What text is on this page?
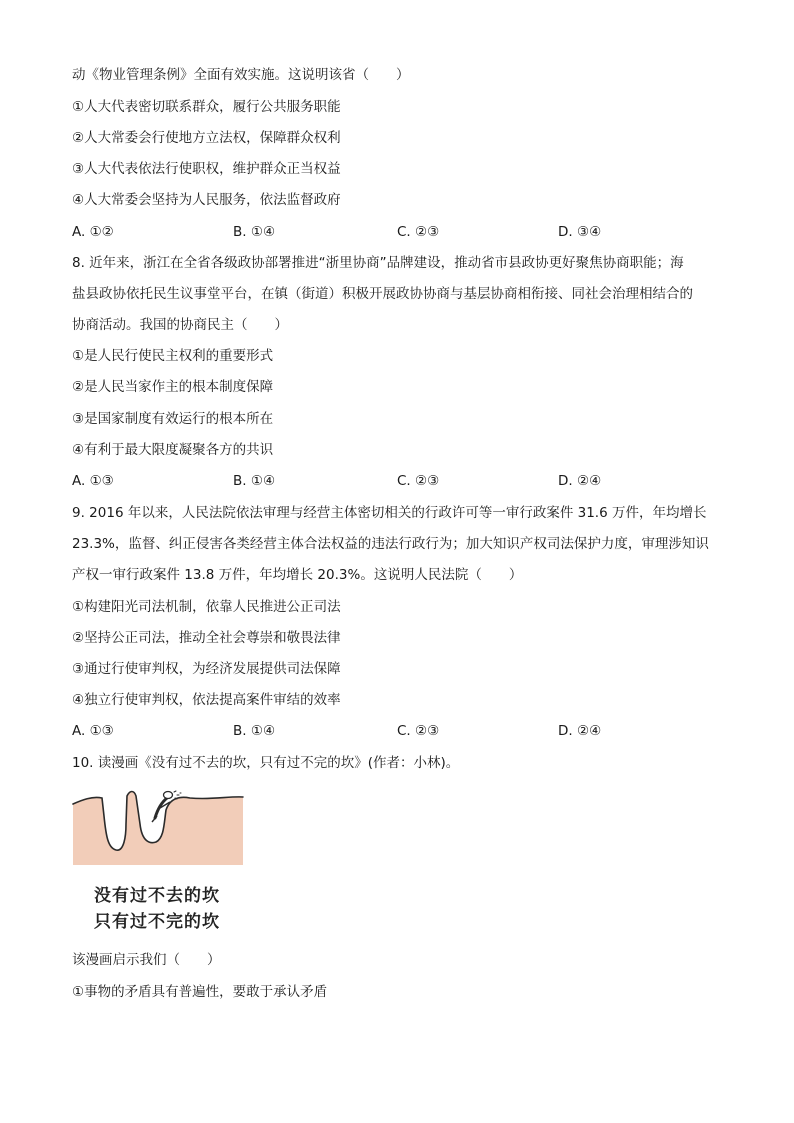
动《物业管理条例》全面有效实施。这说明该省（　　）
①人大代表密切联系群众，履行公共服务职能
②人大常委会行使地方立法权，保障群众权利
③人大代表依法行使职权，维护群众正当权益
④人大常委会坚持为人民服务，依法监督政府
A. ①②	B. ①④	C. ②③	D. ③④
8. 近年来，浙江在全省各级政协部署推进“浙里协商”品牌建设，推动省市县政协更好聚焦协商职能；海
盐县政协依托民生议事堂平台，在镇（街道）积极开展政协协商与基层协商相衔接、同社会治理相结合的
协商活动。我国的协商民主（　　）
①是人民行使民主权利的重要形式
②是人民当家作主的根本制度保障
③是国家制度有效运行的根本所在
④有利于最大限度凝聚各方的共识
A. ①③	B. ①④	C. ②③	D. ②④
9. 2016 年以来，人民法院依法审理与经营主体密切相关的行政许可等一审行政案件 31.6 万件，年均增长
23.3%，监督、纠正侵害各类经营主体合法权益的违法行政行为；加大知识产权司法保护力度，审理涉知识
产权一审行政案件 13.8 万件，年均增长 20.3%。这说明人民法院（　　）
①构建阳光司法机制，依靠人民推进公正司法
②坚持公正司法，推动全社会尊崇和敬畏法律
③通过行使审判权，为经济发展提供司法保障
④独立行使审判权，依法提高案件审结的效率
A. ①③	B. ①④	C. ②③	D. ②④
10. 读漫画《没有过不去的坎，只有过不完的坎》(作者：小林)。
没有过不去的坎
只有过不完的坎
该漫画启示我们（　　）
①事物的矛盾具有普遍性，要敢于承认矛盾
